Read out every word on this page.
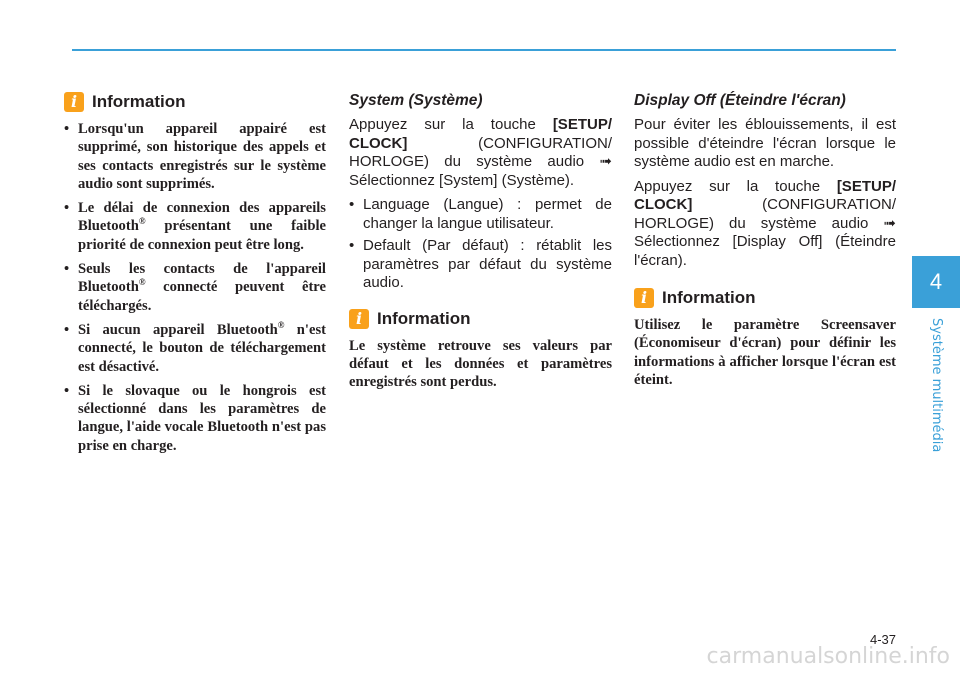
i Information
• Lorsqu'un appareil appairé est supprimé, son historique des appels et ses contacts enregistrés sur le système audio sont supprimés.
• Le délai de connexion des appareils Bluetooth® présentant une faible priorité de connexion peut être long.
• Seuls les contacts de l'appareil Bluetooth® connecté peuvent être téléchargés.
• Si aucun appareil Bluetooth® n'est connecté, le bouton de téléchargement est désactivé.
• Si le slovaque ou le hongrois est sélectionné dans les paramètres de langue, l'aide vocale Bluetooth n'est pas prise en charge.
System (Système)

Appuyez sur la touche [SETUP/ CLOCK] (CONFIGURATION/ HORLOGE) du système audio ➟ Sélectionnez [System] (Système).

• Language (Langue) : permet de changer la langue utilisateur.
• Default (Par défaut) : rétablit les paramètres par défaut du système audio.
i Information
Le système retrouve ses valeurs par défaut et les données et paramètres enregistrés sont perdus.
Display Off (Éteindre l'écran)

Pour éviter les éblouissements, il est possible d'éteindre l'écran lorsque le système audio est en marche.

Appuyez sur la touche [SETUP/ CLOCK] (CONFIGURATION/ HORLOGE) du système audio ➟ Sélectionnez [Display Off] (Éteindre l'écran).

i Information
Utilisez le paramètre Screensaver (Économiseur d'écran) pour définir les informations à afficher lorsque l'écran est éteint.
4
Système multimédia
4-37
carmanualsonline.info
